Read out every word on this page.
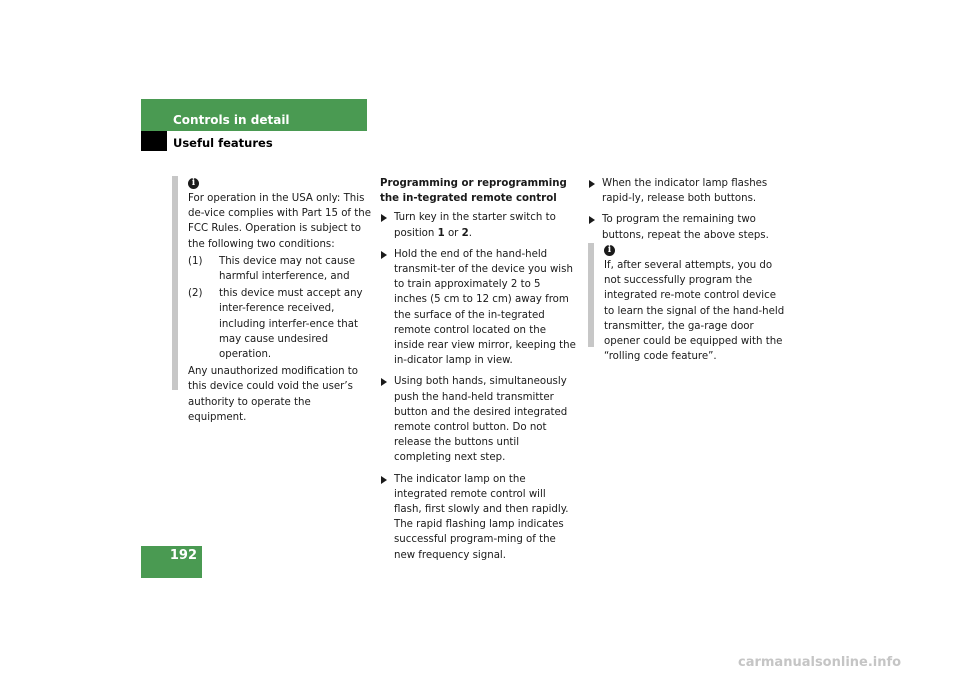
Controls in detail
Useful features
i

For operation in the USA only: This de-vice complies with Part 15 of the FCC Rules. Operation is subject to the following two conditions:

(1) This device may not cause harmful interference, and
(2) this device must accept any inter-ference received, including interfer-ence that may cause undesired operation.

Any unauthorized modification to this device could void the user’s authority to operate the equipment.

Programming or reprogramming the in-tegrated remote control

Turn key in the starter switch to position 1 or 2.
Hold the end of the hand-held transmit-ter of the device you wish to train approximately 2 to 5 inches (5 cm to 12 cm) away from the surface of the in-tegrated remote control located on the inside rear view mirror, keeping the in-dicator lamp in view.
Using both hands, simultaneously push the hand-held transmitter button and the desired integrated remote control button. Do not release the buttons until completing next step.
The indicator lamp on the integrated remote control will flash, first slowly and then rapidly. The rapid flashing lamp indicates successful program-ming of the new frequency signal.
When the indicator lamp flashes rapid-ly, release both buttons.
To program the remaining two buttons, repeat the above steps.
i

If, after several attempts, you do not successfully program the integrated re-mote control device to learn the signal of the hand-held transmitter, the ga-rage door opener could be equipped with the “rolling code feature”.

192
carmanualsonline.info
